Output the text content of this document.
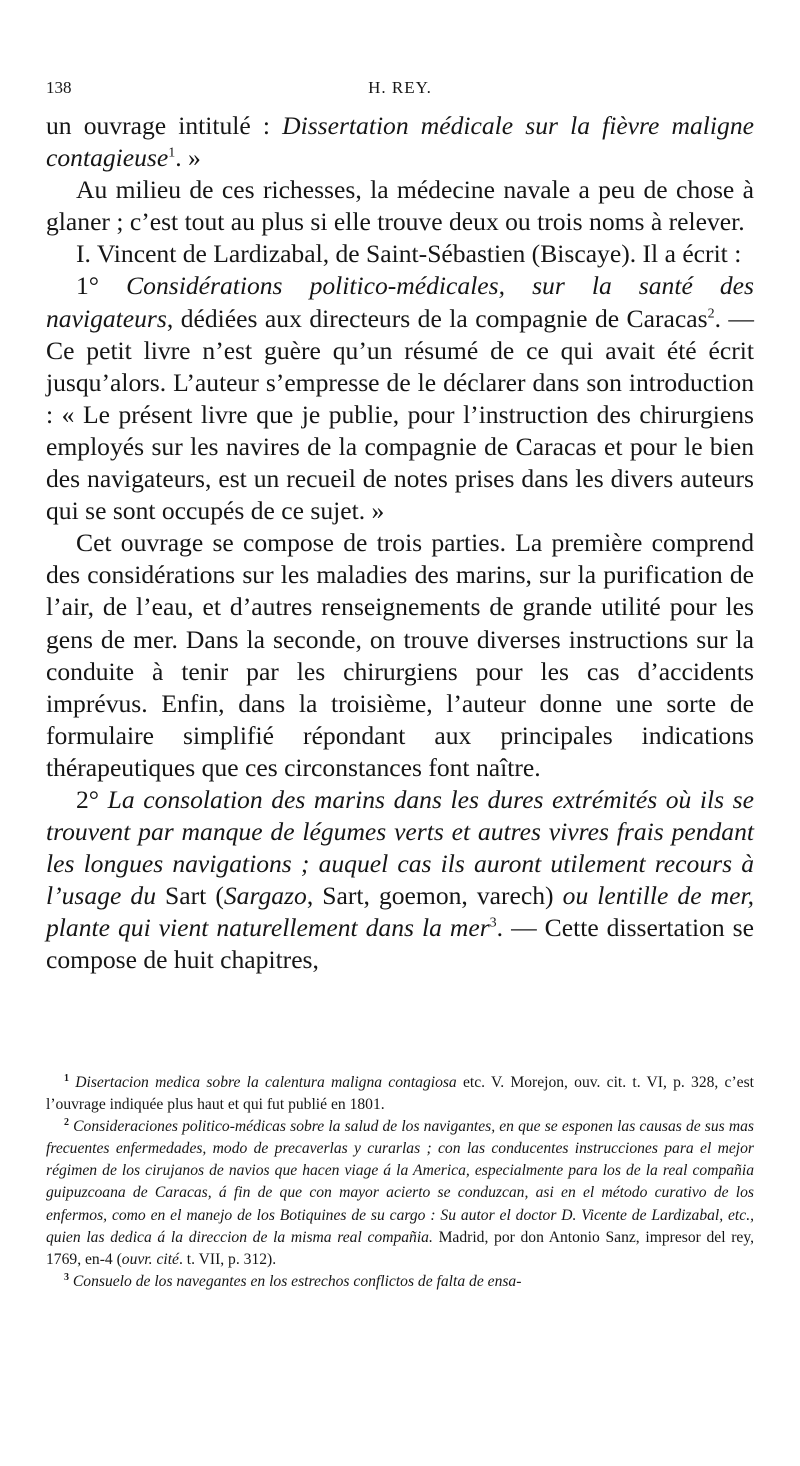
138	H. REY.

un ouvrage intitulé : Dissertation médicale sur la fièvre maligne contagieuse$^1$. »

Au milieu de ces richesses, la médecine navale a peu de chose à glaner ; c’est tout au plus si elle trouve deux ou trois noms à relever.

I. Vincent de Lardizabal, de Saint-Sébastien (Biscaye). Il a écrit :

1° Considérations politico-médicales, sur la santé des navigateurs, dédiées aux directeurs de la compagnie de Caracas$^2$. — Ce petit livre n’est guère qu’un résumé de ce qui avait été écrit jusqu’alors. L’auteur s’empresse de le déclarer dans son introduction : « Le présent livre que je publie, pour l’instruction des chirurgiens employés sur les navires de la compagnie de Caracas et pour le bien des navigateurs, est un recueil de notes prises dans les divers auteurs qui se sont occupés de ce sujet. »

Cet ouvrage se compose de trois parties. La première comprend des considérations sur les maladies des marins, sur la purification de l’air, de l’eau, et d’autres renseignements de grande utilité pour les gens de mer. Dans la seconde, on trouve diverses instructions sur la conduite à tenir par les chirurgiens pour les cas d’accidents imprévus. Enfin, dans la troisième, l’auteur donne une sorte de formulaire simplifié répondant aux principales indications thérapeutiques que ces circonstances font naître.

2° La consolation des marins dans les dures extrémités où ils se trouvent par manque de légumes verts et autres vivres frais pendant les longues navigations ; auquel cas ils auront utilement recours à l’usage du Sart (Sargazo, Sart, goemon, varech) ou lentille de mer, plante qui vient naturellement dans la mer$^3$. — Cette dissertation se compose de huit chapitres,

$^1$ Disertacion medica sobre la calentura maligna contagiosa etc. V. Morejon, ouv. cit. t. VI, p. 328, c’est l’ouvrage indiquée plus haut et qui fut publié en 1801.

$^2$ Consideraciones politico-médicas sobre la salud de los navigantes, en que se esponen las causas de sus mas frecuentes enfermedades, modo de precaverlas y curarlas ; con las conducentes instrucciones para el mejor régimen de los cirujanos de navios que hacen viage á la America, especialmente para los de la real compañia guipuzcoana de Caracas, á fin de que con mayor acierto se conduzcan, asi en el método curativo de los enfermos, como en el manejo de los Botiquines de su cargo : Su autor el doctor D. Vicente de Lardizabal, etc., quien las dedica á la direccion de la misma real compañia. Madrid, por don Antonio Sanz, impresor del rey, 1769, en-4 (ouvr. cité. t. VII, p. 312).

$^3$ Consuelo de los navegantes en los estrechos conflictos de falta de ensa-
